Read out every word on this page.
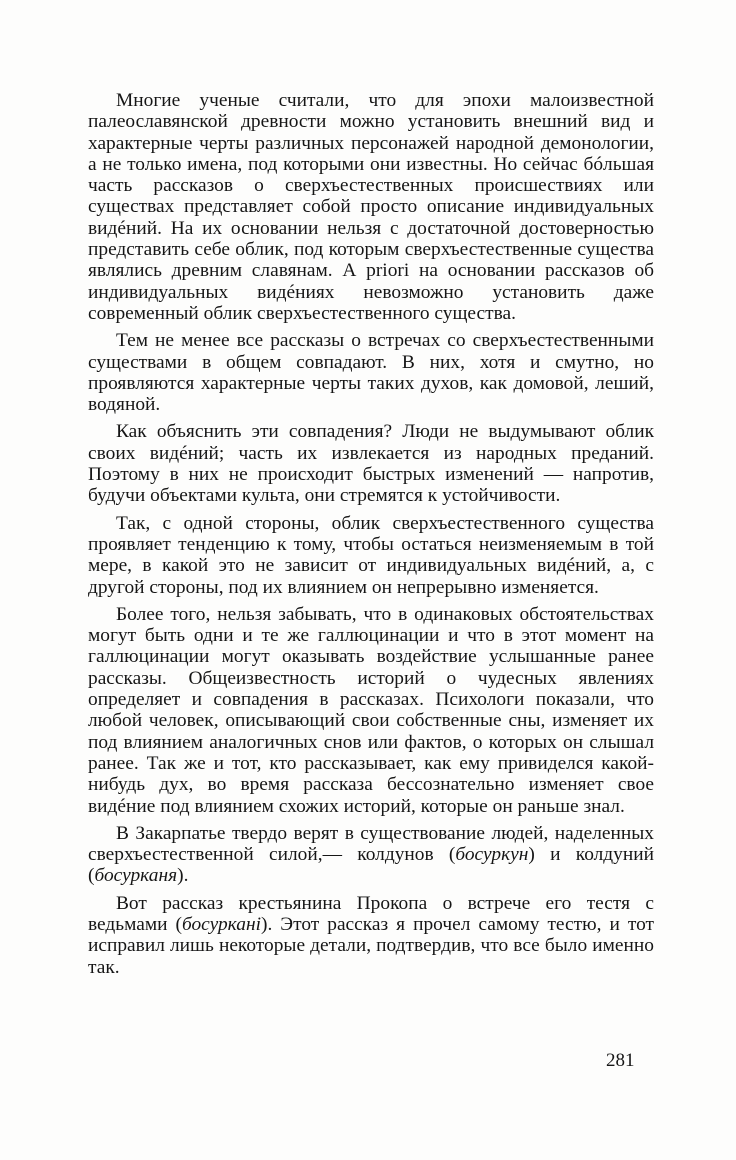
Многие ученые считали, что для эпохи малоизвестной палеославянской древности можно установить внешний вид и характерные черты различных персонажей народной демонологии, а не только имена, под которыми они известны. Но сейчас бóльшая часть рассказов о сверхъестественных происшествиях или существах представляет собой просто описание индивидуальных видéний. На их основании нельзя с достаточной достоверностью представить себе облик, под которым сверхъестественные существа являлись древним славянам. А priori на основании рассказов об индивидуальных видéниях невозможно установить даже современный облик сверхъестественного существа.

Тем не менее все рассказы о встречах со сверхъестественными существами в общем совпадают. В них, хотя и смутно, но проявляются характерные черты таких духов, как домовой, леший, водяной.

Как объяснить эти совпадения? Люди не выдумывают облик своих видéний; часть их извлекается из народных преданий. Поэтому в них не происходит быстрых изменений — напротив, будучи объектами культа, они стремятся к устойчивости.

Так, с одной стороны, облик сверхъестественного существа проявляет тенденцию к тому, чтобы остаться неизменяемым в той мере, в какой это не зависит от индивидуальных видéний, а, с другой стороны, под их влиянием он непрерывно изменяется.

Более того, нельзя забывать, что в одинаковых обстоятельствах могут быть одни и те же галлюцинации и что в этот момент на галлюцинации могут оказывать воздействие услышанные ранее рассказы. Общеизвестность историй о чудесных явлениях определяет и совпадения в рассказах. Психологи показали, что любой человек, описывающий свои собственные сны, изменяет их под влиянием аналогичных снов или фактов, о которых он слышал ранее. Так же и тот, кто рассказывает, как ему привиделся какой-нибудь дух, во время рассказа бессознательно изменяет свое видéние под влиянием схожих историй, которые он раньше знал.

В Закарпатье твердо верят в существование людей, наделенных сверхъестественной силой,— колдунов (босуркун) и колдуний (босурканя).

Вот рассказ крестьянина Прокопа о встрече его тестя с ведьмами (босуркані). Этот рассказ я прочел самому тестю, и тот исправил лишь некоторые детали, подтвердив, что все было именно так.

281
